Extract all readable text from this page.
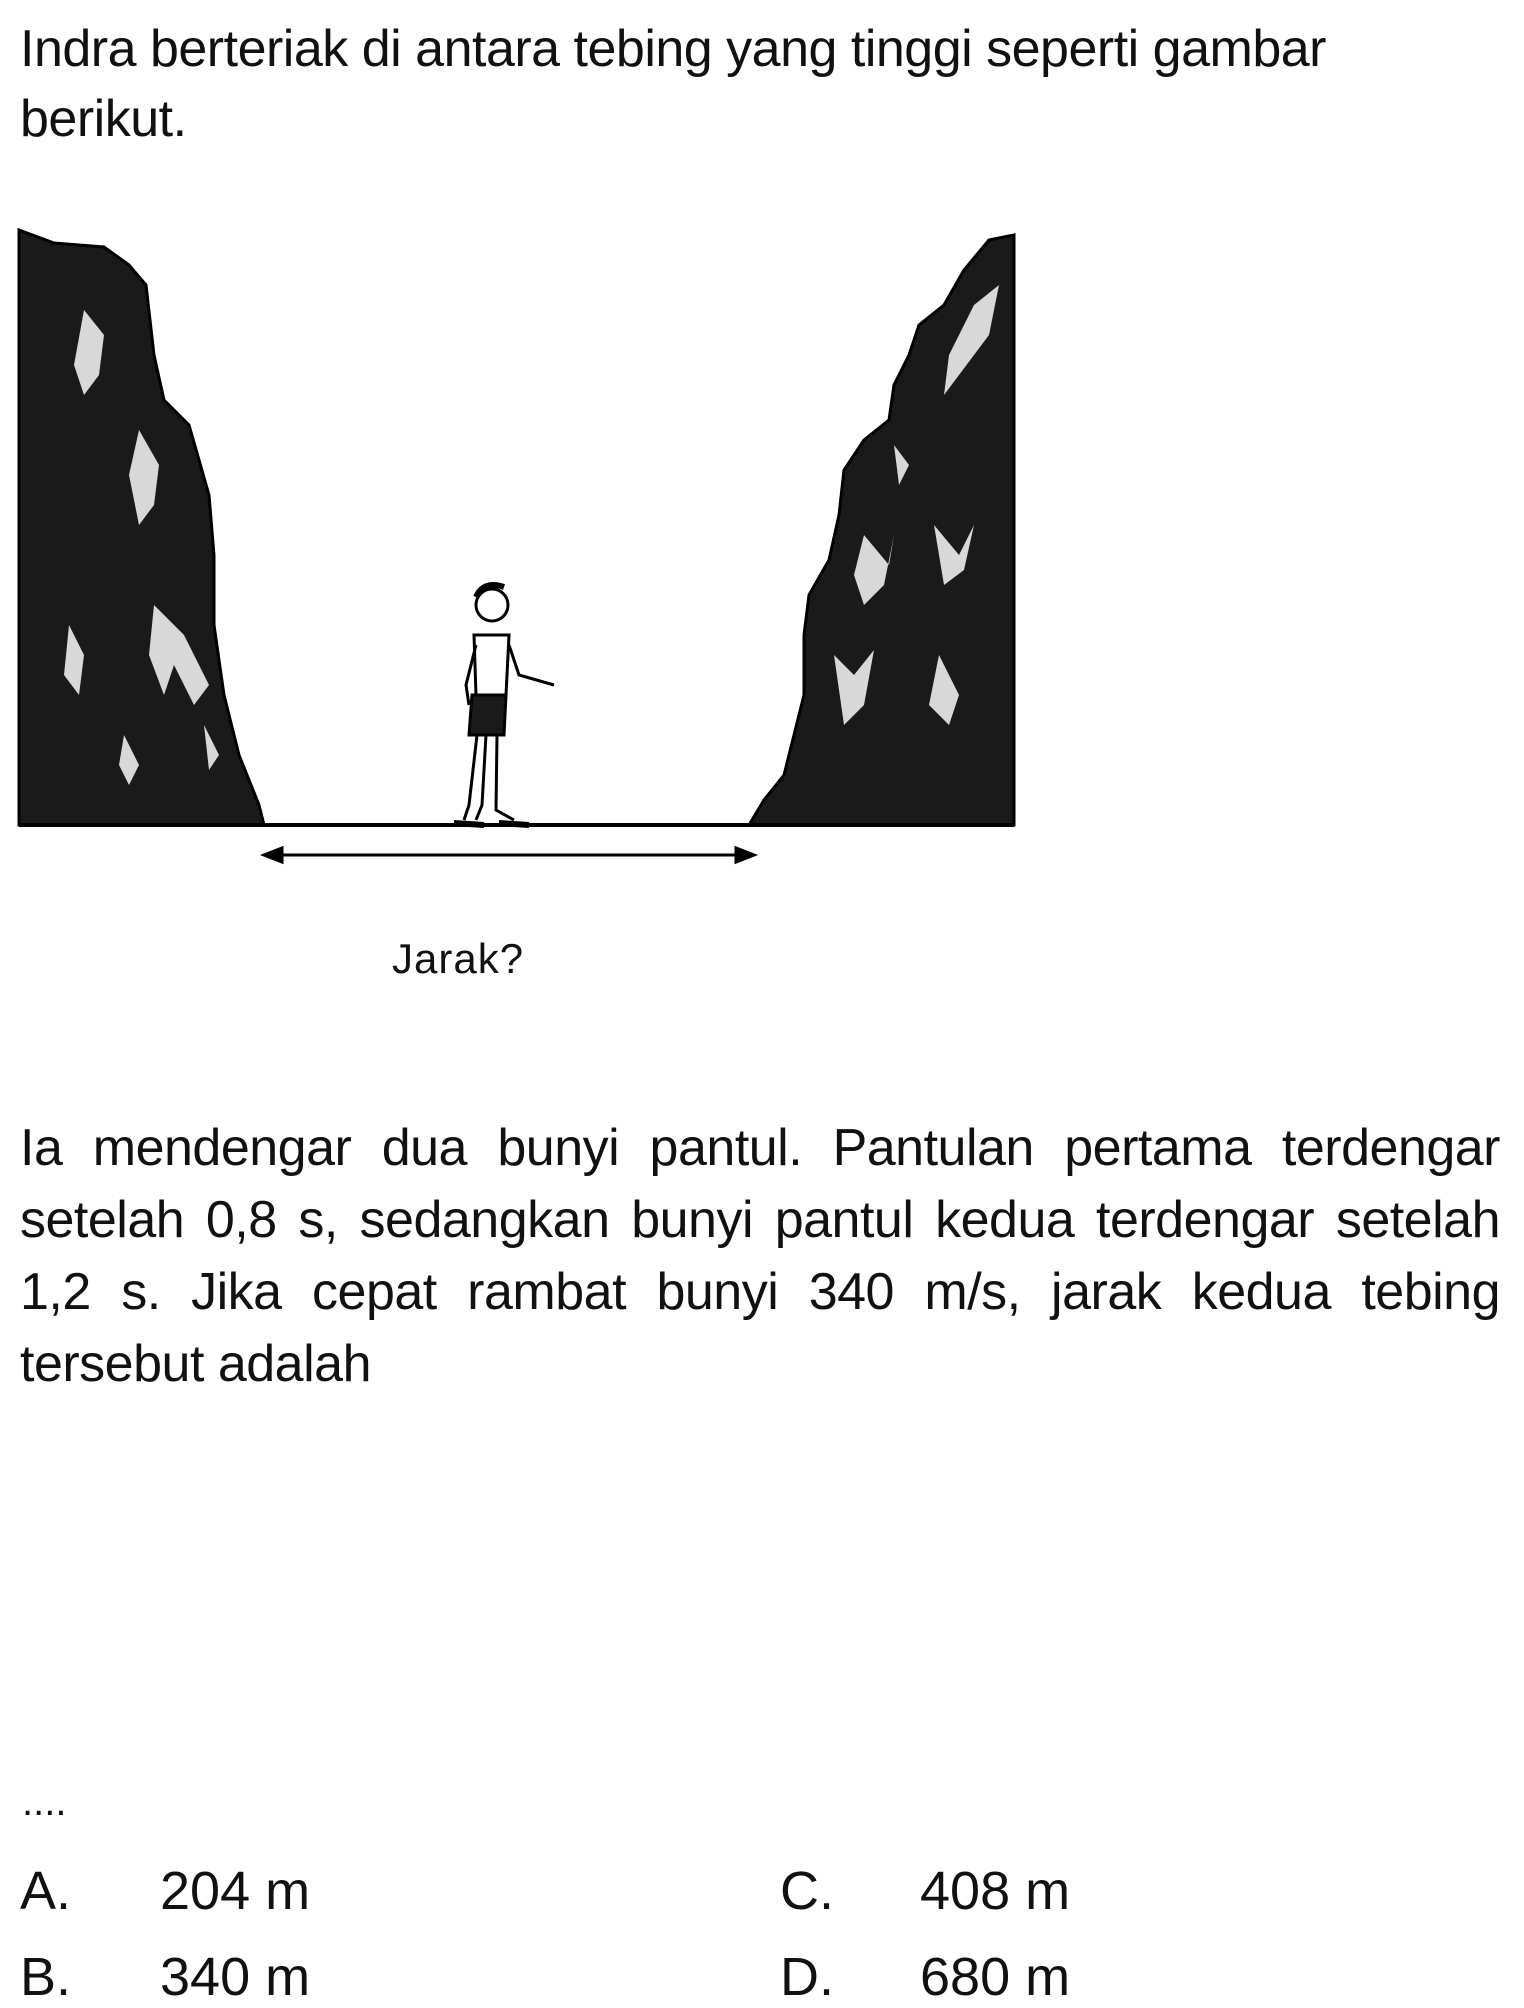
Indra berteriak di antara tebing yang tinggi seperti gambar berikut.

Jarak?

Ia mendengar dua bunyi pantul. Pantulan pertama terdengar setelah 0,8 s, sedangkan bunyi pantul kedua terdengar setelah 1,2 s. Jika cepat rambat bunyi 340 m/s, jarak kedua tebing tersebut adalah

....
A. 204 m
B. 340 m
C. 408 m
D. 680 m
